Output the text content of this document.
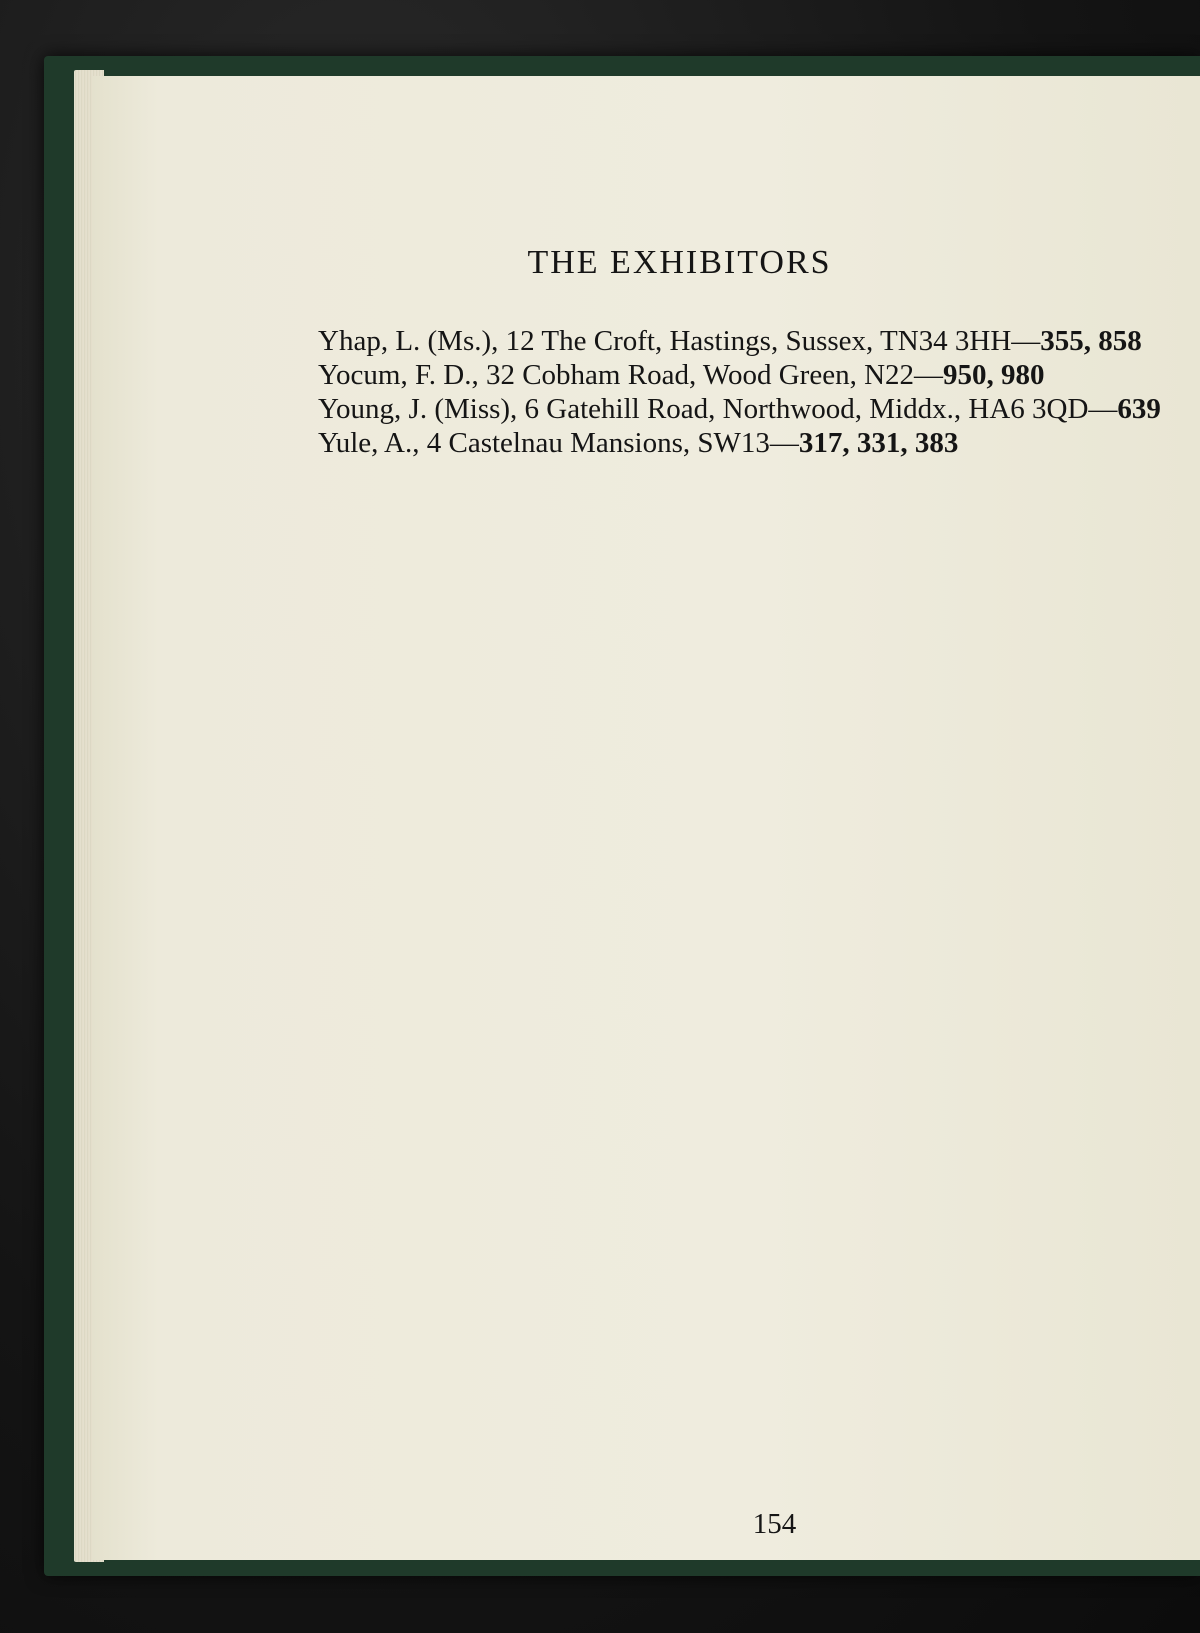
THE EXHIBITORS
Yhap, L. (Ms.), 12 The Croft, Hastings, Sussex, TN34 3HH—355, 858
Yocum, F. D., 32 Cobham Road, Wood Green, N22—950, 980
Young, J. (Miss), 6 Gatehill Road, Northwood, Middx., HA6 3QD—639
Yule, A., 4 Castelnau Mansions, SW13—317, 331, 383
154
